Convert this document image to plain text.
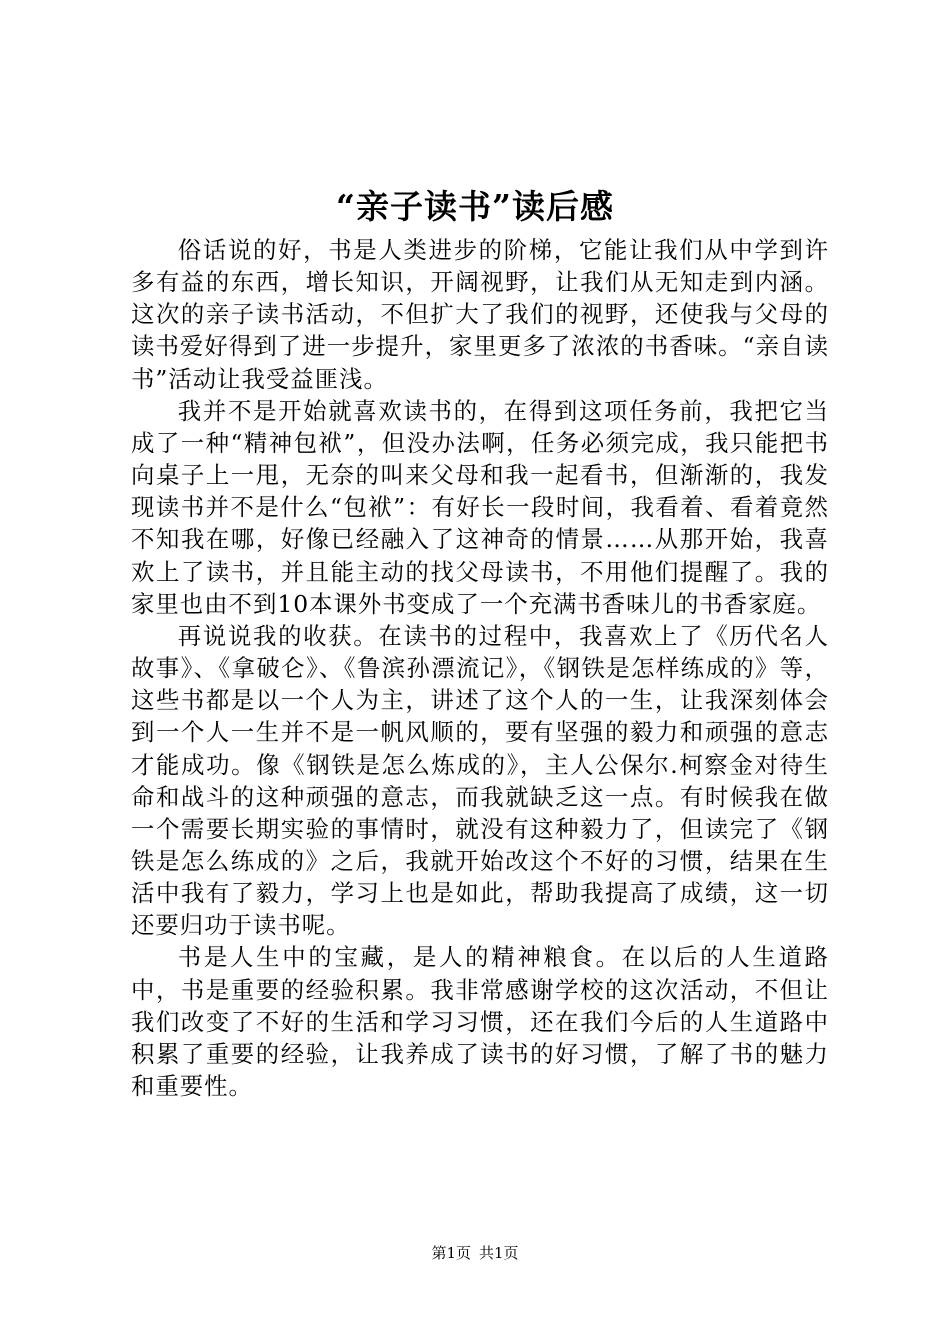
“亲子读书”读后感

俗话说的好，书是人类进步的阶梯，它能让我们从中学到许多有益的东西，增长知识，开阔视野，让我们从无知走到内涵。这次的亲子读书活动，不但扩大了我们的视野，还使我与父母的读书爱好得到了进一步提升，家里更多了浓浓的书香味。“亲自读书”活动让我受益匪浅。

我并不是开始就喜欢读书的，在得到这项任务前，我把它当成了一种“精神包袱”，但没办法啊，任务必须完成，我只能把书向桌子上一甩，无奈的叫来父母和我一起看书，但渐渐的，我发现读书并不是什么“包袱”：有好长一段时间，我看着、看着竟然不知我在哪，好像已经融入了这神奇的情景……从那开始，我喜欢上了读书，并且能主动的找父母读书，不用他们提醒了。我的家里也由不到10本课外书变成了一个充满书香味儿的书香家庭。

再说说我的收获。在读书的过程中，我喜欢上了《历代名人故事》、《拿破仑》、《鲁滨孙漂流记》，《钢铁是怎样练成的》等，这些书都是以一个人为主，讲述了这个人的一生，让我深刻体会到一个人一生并不是一帆风顺的，要有坚强的毅力和顽强的意志才能成功。像《钢铁是怎么炼成的》，主人公保尔.柯察金对待生命和战斗的这种顽强的意志，而我就缺乏这一点。有时候我在做一个需要长期实验的事情时，就没有这种毅力了，但读完了《钢铁是怎么练成的》之后，我就开始改这个不好的习惯，结果在生活中我有了毅力，学习上也是如此，帮助我提高了成绩，这一切还要归功于读书呢。

书是人生中的宝藏，是人的精神粮食。在以后的人生道路中，书是重要的经验积累。我非常感谢学校的这次活动，不但让我们改变了不好的生活和学习习惯，还在我们今后的人生道路中积累了重要的经验，让我养成了读书的好习惯，了解了书的魅力和重要性。

第1页 共1页
